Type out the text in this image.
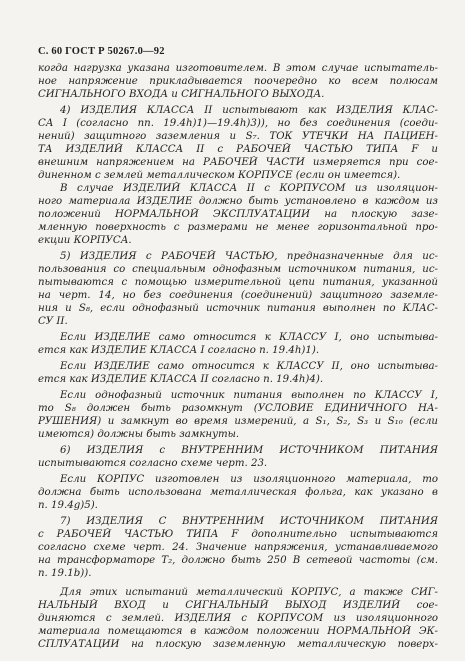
С. 60 ГОСТ Р 50267.0—92
когда нагрузка указана изготовителем. В этом случае испытатель-
ное напряжение прикладывается поочередно ко всем полюсам
СИГНАЛЬНОГО ВХОДА и СИГНАЛЬНОГО ВЫХОДА.
4) ИЗДЕЛИЯ КЛАССА II испытывают как ИЗДЕЛИЯ КЛАС-
СА I (согласно пп. 19.4h)1)—19.4h)3)), но без соединения (соеди-
нений) защитного заземления и S₇. ТОК УТЕЧКИ НА ПАЦИЕН-
ТА ИЗДЕЛИЙ КЛАССА II с РАБОЧЕЙ ЧАСТЬЮ ТИПА F и
внешним напряжением на РАБОЧЕЙ ЧАСТИ измеряется при соe-
диненном с землей металлическом КОРПУСЕ (если он имеется).
В случае ИЗДЕЛИЙ КЛАССА II с КОРПУСОМ из изоляцион-
ного материала ИЗДЕЛИЕ должно быть установлено в каждом из
положений НОРМАЛЬНОЙ ЭКСПЛУАТАЦИИ на плоскую зазе-
мленную поверхность с размерами не менее горизонтальной про-
екции КОРПУСА.
5) ИЗДЕЛИЯ с РАБОЧЕЙ ЧАСТЬЮ, предназначенные для ис-
пользования со специальным однофазным источником питания, ис-
пытываются с помощью измерительной цепи питания, указанной
на черт. 14, но без соединения (соединений) защитного заземле-
ния и S₈, если однофазный источник питания выполнен по КЛАС-
СУ II.
Если ИЗДЕЛИЕ само относится к КЛАССУ I, оно испытыва-
ется как ИЗДЕЛИЕ КЛАССА I согласно п. 19.4h)1).
Если ИЗДЕЛИЕ само относится к КЛАССУ II, оно испытыва-
ется как ИЗДЕЛИЕ КЛАССА II согласно п. 19.4h)4).
Если однофазный источник питания выполнен по КЛАССУ I,
то S₈ должен быть разомкнут (УСЛОВИЕ ЕДИНИЧНОГО НА-
РУШЕНИЯ) и замкнут во время измерений, а S₁, S₂, S₃ и S₁₀ (если
имеются) должны быть замкнуты.
6) ИЗДЕЛИЯ с ВНУТРЕННИМ ИСТОЧНИКОМ ПИТАНИЯ
испытываются согласно схеме черт. 23.
Если КОРПУС изготовлен из изоляционного материала, то
должна быть использована металлическая фольга, как указано в
п. 19.4g)5).
7) ИЗДЕЛИЯ С ВНУТРЕННИМ ИСТОЧНИКОМ ПИТАНИЯ
с РАБОЧЕЙ ЧАСТЬЮ ТИПА F дополнительно испытываются
согласно схеме черт. 24. Значение напряжения, устанавливаемого
на трансформаторе T₂, должно быть 250 В сетевой частоты (см.
п. 19.1b)).
Для этих испытаний металлический КОРПУС, а также СИГ-
НАЛЬНЫЙ ВХОД и СИГНАЛЬНЫЙ ВЫХОД ИЗДЕЛИЙ сое-
диняются с землей. ИЗДЕЛИЯ с КОРПУСОМ из изоляционного
материала помещаются в каждом положении НОРМАЛЬНОЙ ЭК-
СПЛУАТАЦИИ на плоскую заземленную металлическую поверх-
